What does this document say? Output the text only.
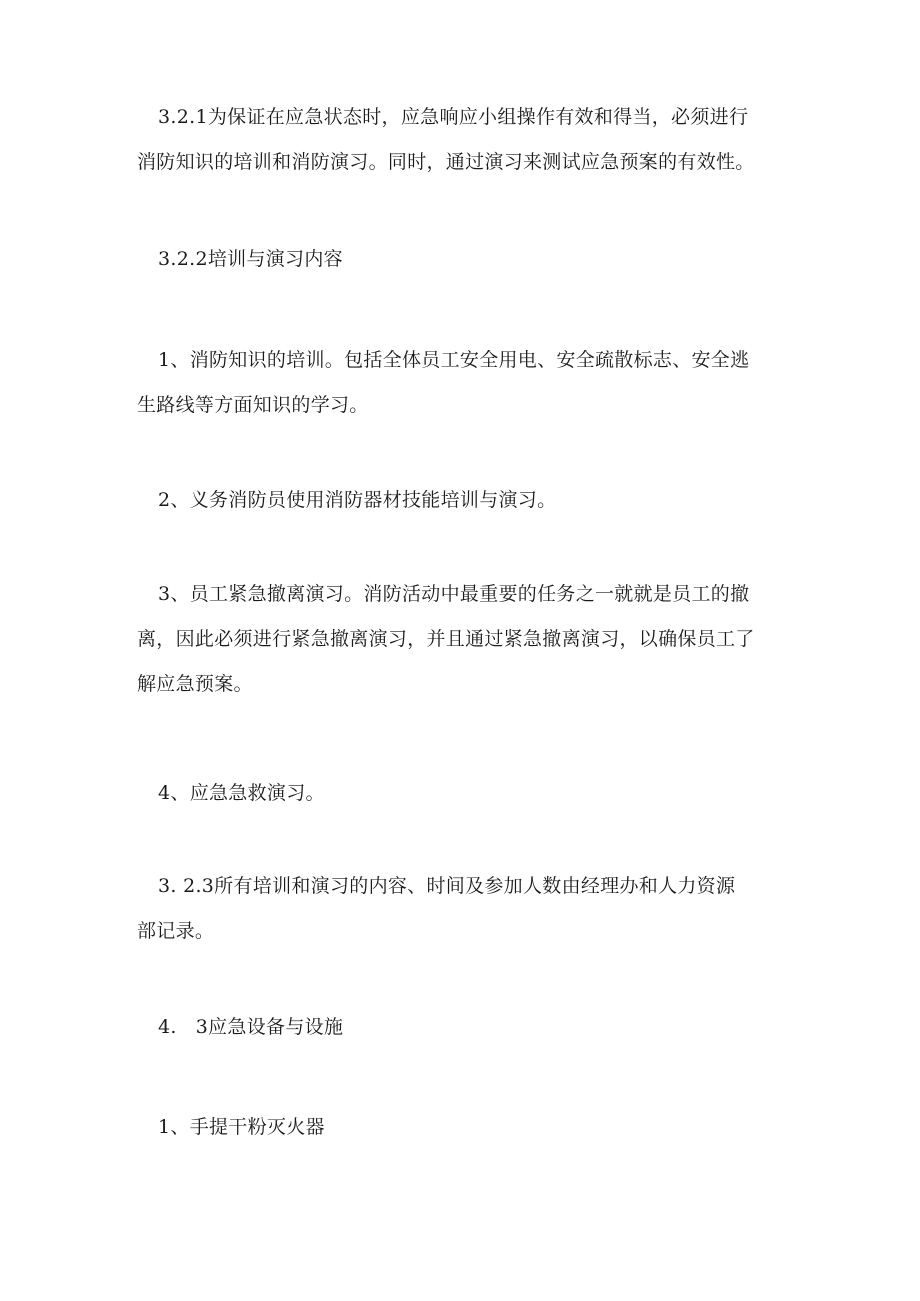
3.2.1为保证在应急状态时，应急响应小组操作有效和得当，必须进行
消防知识的培训和消防演习。同时，通过演习来测试应急预案的有效性。
3.2.2培训与演习内容
1、消防知识的培训。包括全体员工安全用电、安全疏散标志、安全逃
生路线等方面知识的学习。
2、义务消防员使用消防器材技能培训与演习。
3、员工紧急撤离演习。消防活动中最重要的任务之一就就是员工的撤
离，因此必须进行紧急撤离演习，并且通过紧急撤离演习，以确保员工了
解应急预案。
4、应急急救演习。
3. 2.3所有培训和演习的内容、时间及参加人数由经理办和人力资源
部记录。
4.   3应急设备与设施
1、手提干粉灭火器
